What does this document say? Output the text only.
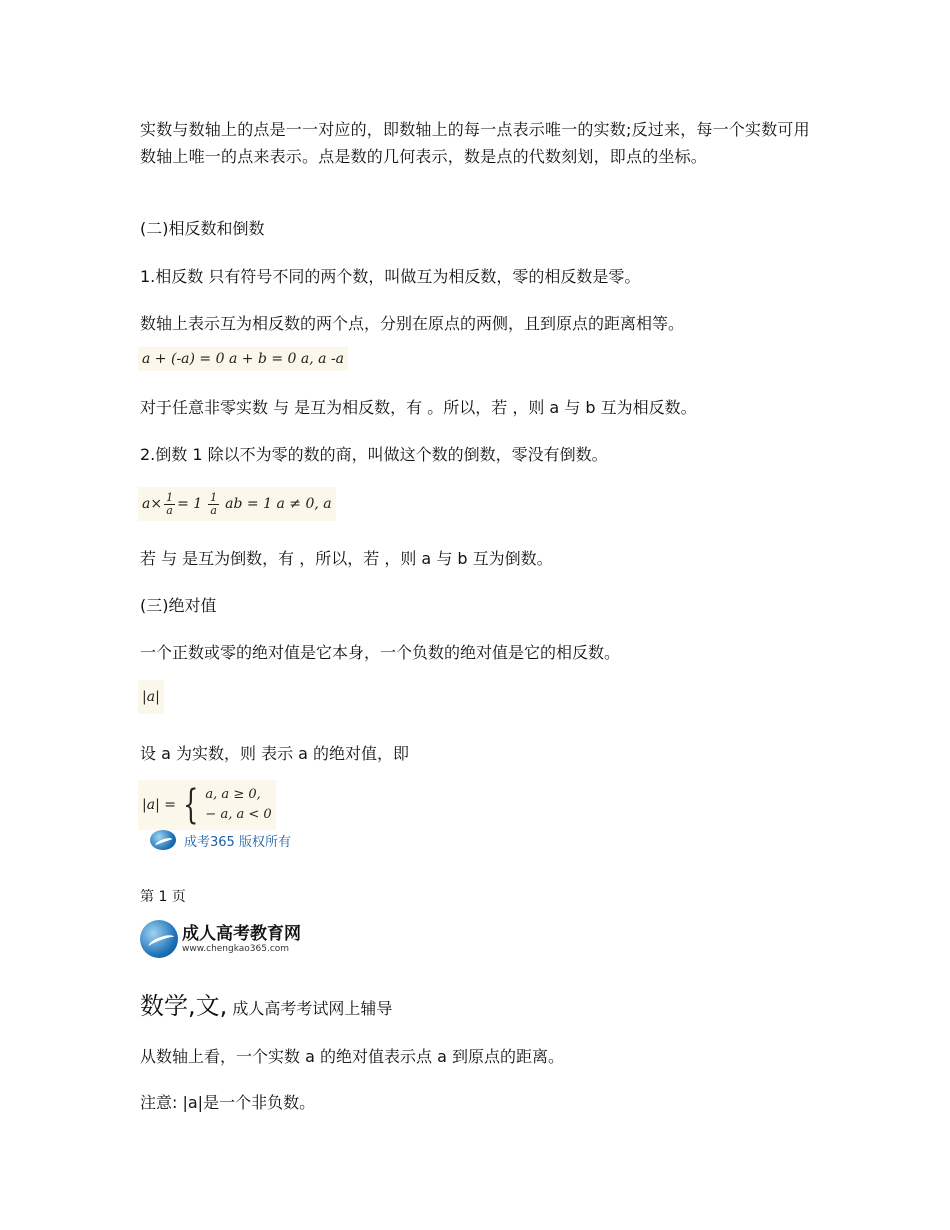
实数与数轴上的点是一一对应的，即数轴上的每一点表示唯一的实数;反过来，每一个实数可用数轴上唯一的点来表示。点是数的几何表示，数是点的代数刻划，即点的坐标。
(二)相反数和倒数
1.相反数 只有符号不同的两个数，叫做互为相反数，零的相反数是零。
数轴上表示互为相反数的两个点，分别在原点的两侧，且到原点的距离相等。
a + (-a) = 0 a + b = 0 a, a -a
对于任意非零实数 与 是互为相反数，有 。所以，若 ，则 a 与 b 互为相反数。
2.倒数 1 除以不为零的数的商，叫做这个数的倒数，零没有倒数。
$a\times \frac{1}{a} = 1 \frac{1}{a}$ ab = 1 a ≠ 0, a
若 与 是互为倒数，有 ，所以，若 ，则 a 与 b 互为倒数。
(三)绝对值
一个正数或零的绝对值是它本身，一个负数的绝对值是它的相反数。
|a|
设 a 为实数，则 表示 a 的绝对值，即
|a| = { a, a ≥ 0,
− a, a < 0
成考365 版权所有
第 1 页
成人高考教育网
www.chengkao365.com
数学,文, 成人高考考试网上辅导
从数轴上看，一个实数 a 的绝对值表示点 a 到原点的距离。
注意: |a|是一个非负数。
